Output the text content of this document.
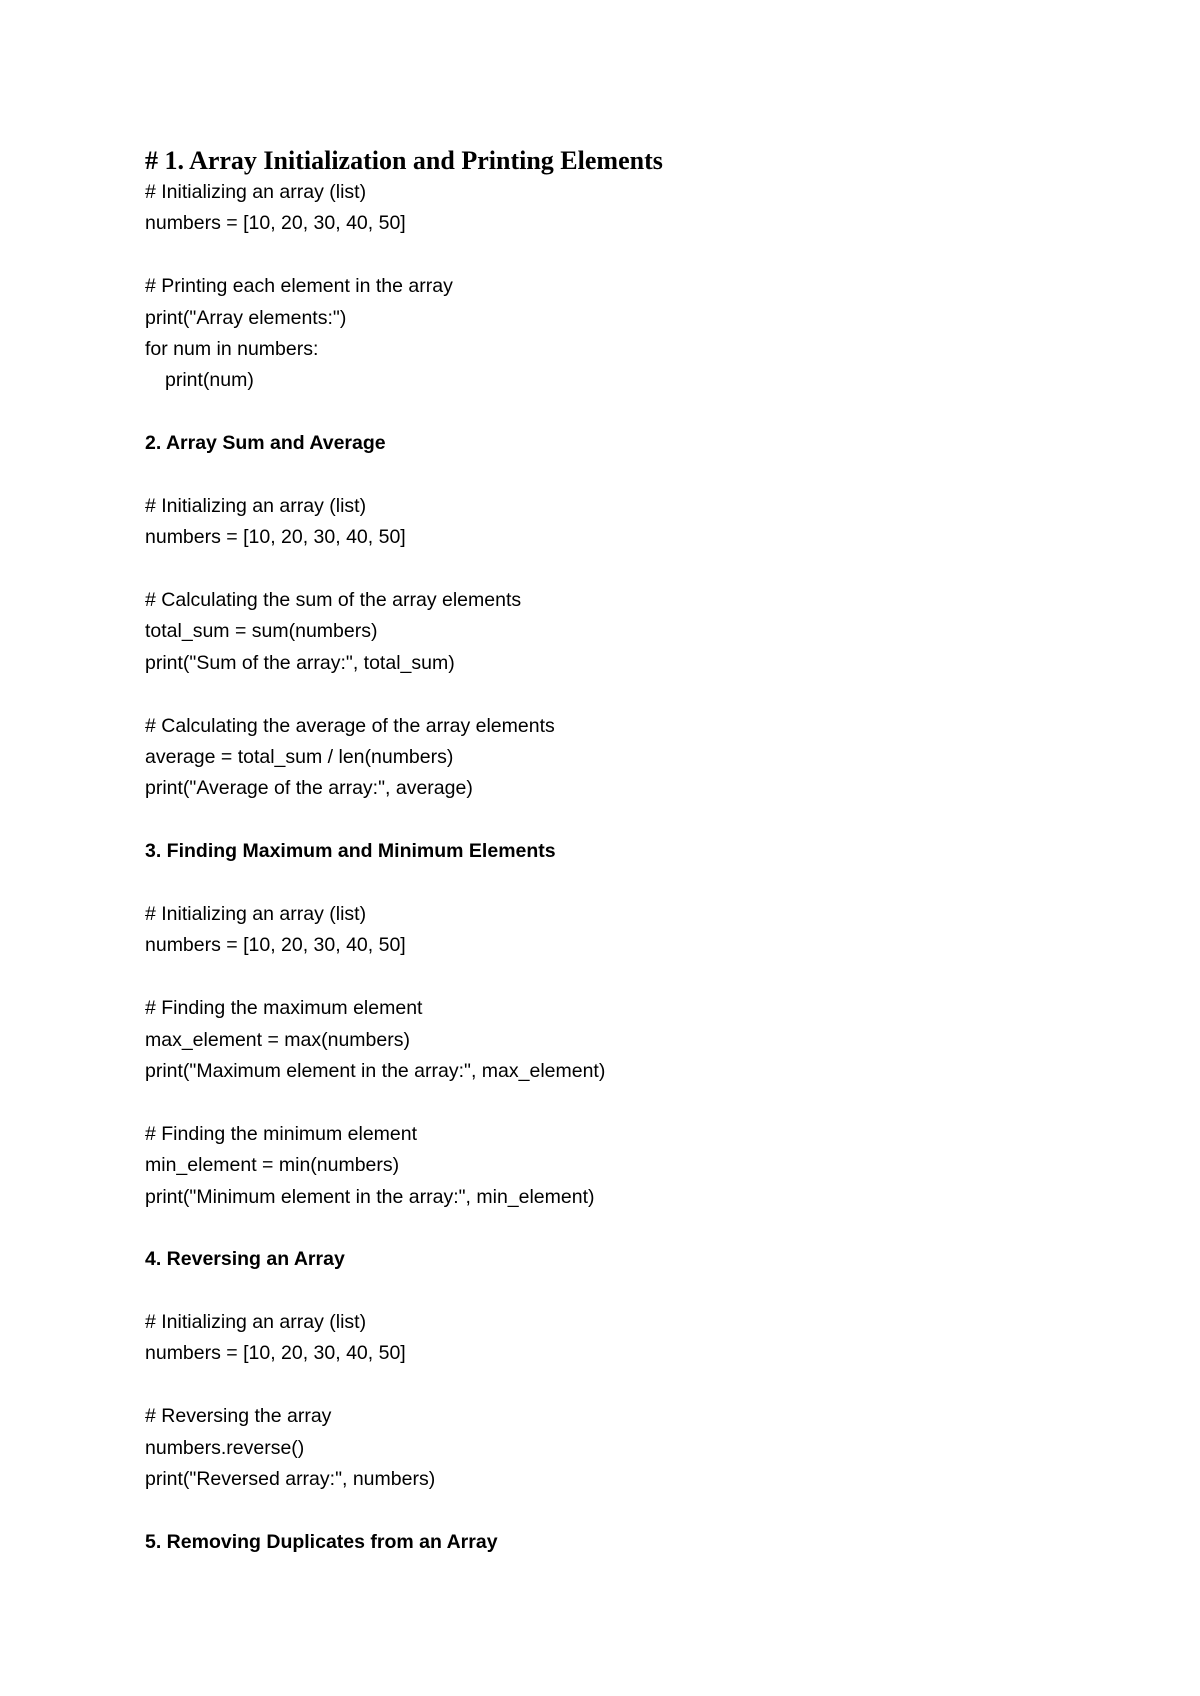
# 1. Array Initialization and Printing Elements
# Initializing an array (list)
numbers = [10, 20, 30, 40, 50]
# Printing each element in the array
print("Array elements:")
for num in numbers:
print(num)
2. Array Sum and Average
# Initializing an array (list)
numbers = [10, 20, 30, 40, 50]
# Calculating the sum of the array elements
total_sum = sum(numbers)
print("Sum of the array:", total_sum)
# Calculating the average of the array elements
average = total_sum / len(numbers)
print("Average of the array:", average)
3. Finding Maximum and Minimum Elements
# Initializing an array (list)
numbers = [10, 20, 30, 40, 50]
# Finding the maximum element
max_element = max(numbers)
print("Maximum element in the array:", max_element)
# Finding the minimum element
min_element = min(numbers)
print("Minimum element in the array:", min_element)
4. Reversing an Array
# Initializing an array (list)
numbers = [10, 20, 30, 40, 50]
# Reversing the array
numbers.reverse()
print("Reversed array:", numbers)
5. Removing Duplicates from an Array
